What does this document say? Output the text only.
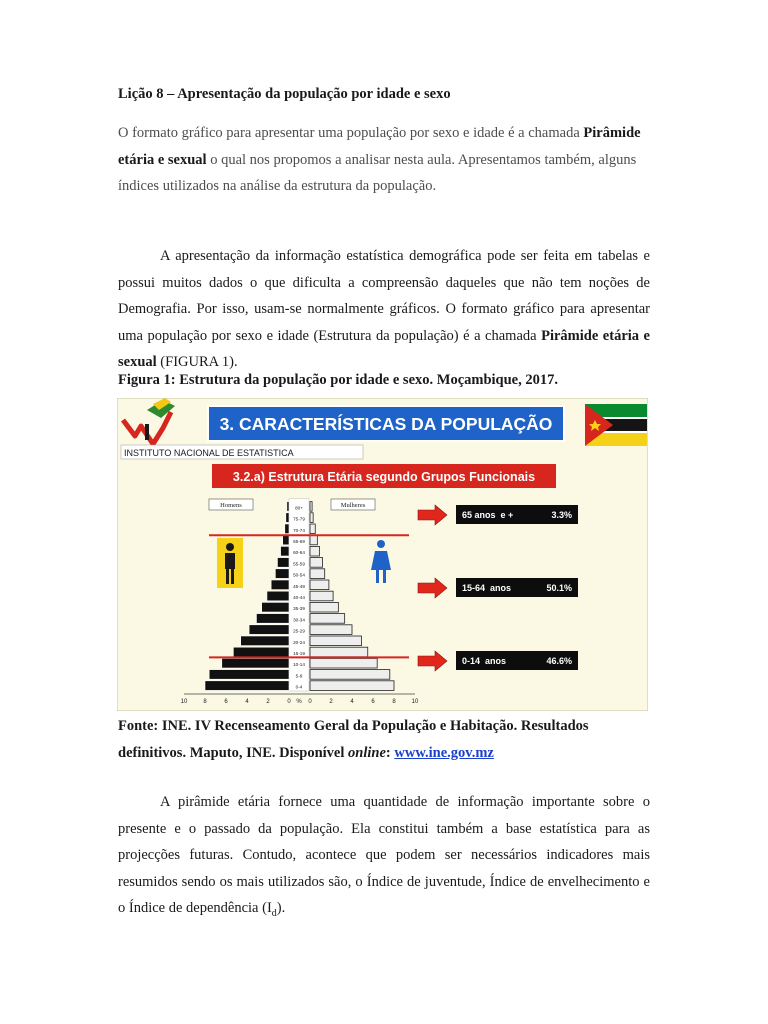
Lição 8 – Apresentação da população por idade e sexo
O formato gráfico para apresentar uma população por sexo e idade é a chamada Pirâmide etária e sexual o qual nos propomos a analisar nesta aula. Apresentamos também, alguns índices utilizados na análise da estrutura da população.
A apresentação da informação estatística demográfica pode ser feita em tabelas e possui muitos dados o que dificulta a compreensão daqueles que não tem noções de Demografia. Por isso, usam-se normalmente gráficos. O formato gráfico para apresentar uma população por sexo e idade (Estrutura da população) é a chamada Pirâmide etária e sexual (FIGURA 1).
Figura 1: Estrutura da população por idade e sexo. Moçambique, 2017.
INSTITUTO NACIONAL DE ESTATISTICA
3. CARACTERÍSTICAS DA POPULAÇÃO
3.2.a) Estrutura Etária segundo Grupos Funcionais
0-4
5-9
10-14
15-19
20-24
25-29
30-34
35-39
40-44
45-49
50-54
55-59
60-64
65-69
70-74
75-79
80+
Homens	Mulheres
10	8	6	4	2	0 % 0	2	4	6	8	10
65 anos  e +	3.3%
15-64  anos	50.1%
0-14  anos	46.6%
Fonte: INE. IV Recenseamento Geral da População e Habitação. Resultados definitivos. Maputo, INE. Disponível online: www.ine.gov.mz
A pirâmide etária fornece uma quantidade de informação importante sobre o presente e o passado da população. Ela constitui também a base estatística para as projecções futuras. Contudo, acontece que podem ser necessários indicadores mais resumidos sendo os mais utilizados são, o Índice de juventude, Índice de envelhecimento e o Índice de dependência $(I_d)$.
